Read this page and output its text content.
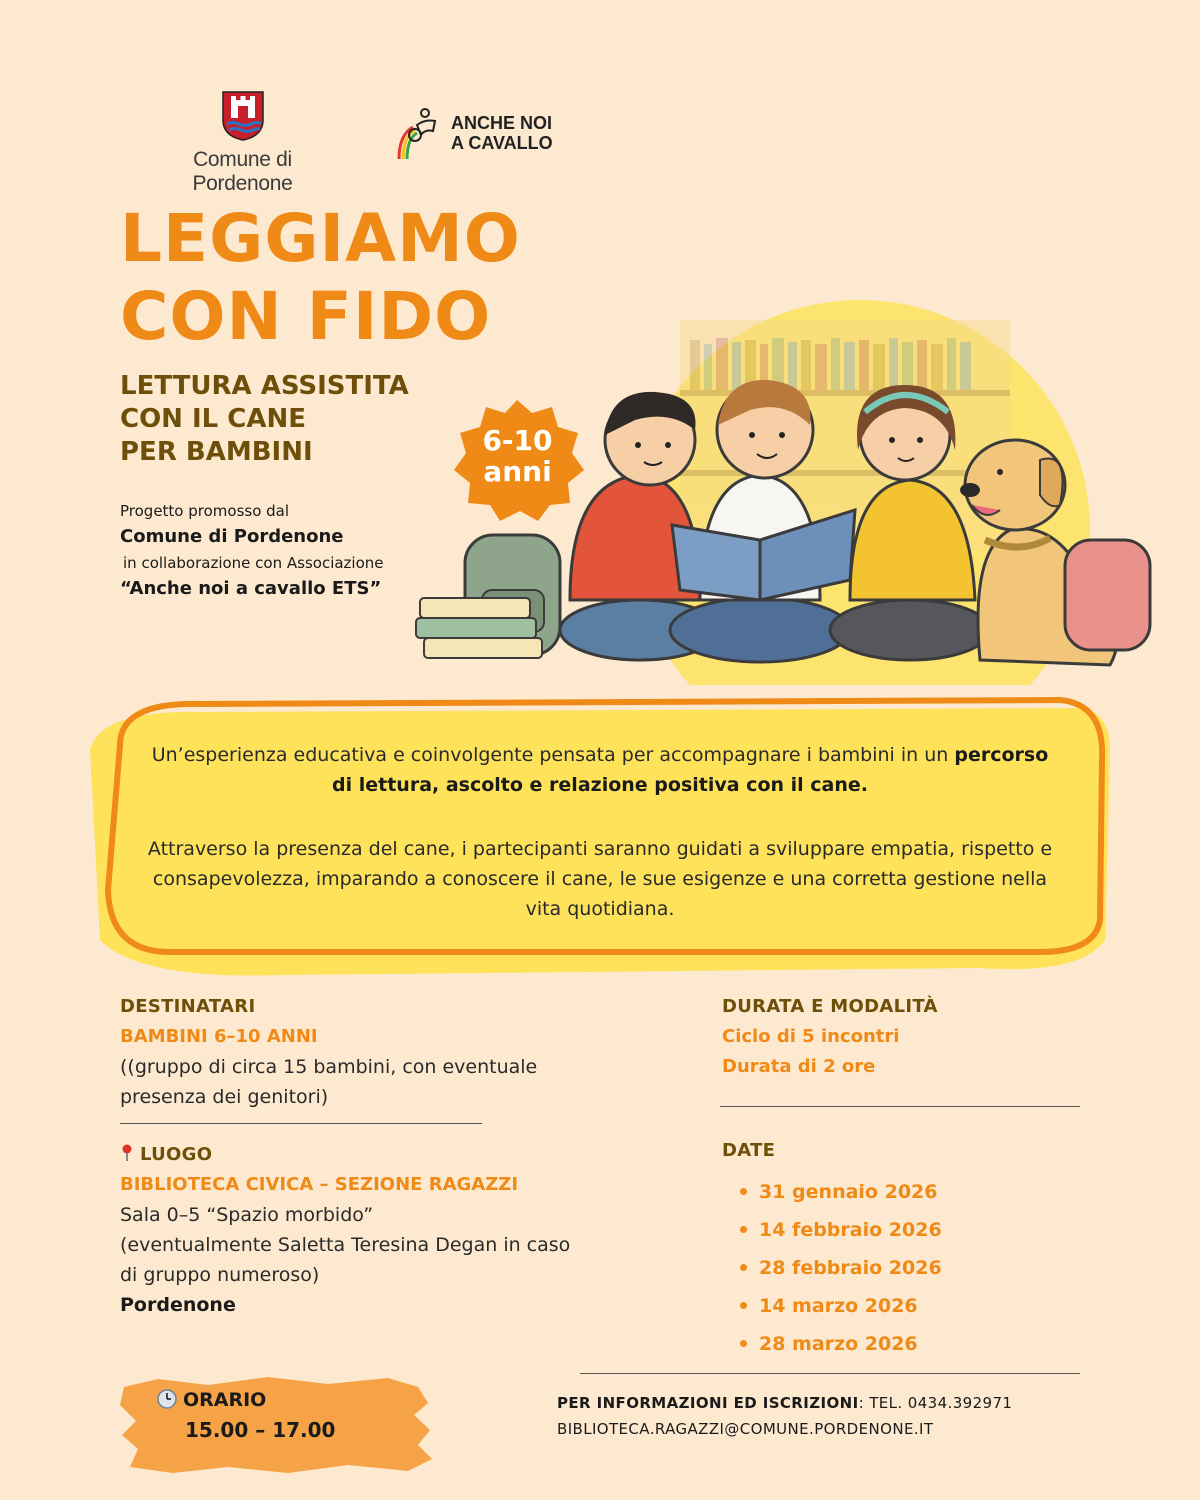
Comune di Pordenone
ANCHE NOI
A CAVALLO
LEGGIAMO
CON FIDO
LETTURA ASSISTITA
CON IL CANE
PER BAMBINI
Progetto promosso dal
Comune di Pordenone
in collaborazione con Associazione
“Anche noi a cavallo ETS”
6-10
anni

Un’esperienza educativa e coinvolgente pensata per accompagnare i bambini in un percorso di lettura, ascolto e relazione positiva con il cane.

Attraverso la presenza del cane, i partecipanti saranno guidati a sviluppare empatia, rispetto e consapevolezza, imparando a conoscere il cane, le sue esigenze e una corretta gestione nella vita quotidiana.

DESTINATARI
BAMBINI 6–10 ANNI
((gruppo di circa 15 bambini, con eventuale presenza dei genitori)
LUOGO
BIBLIOTECA CIVICA – SEZIONE RAGAZZI
Sala 0–5 “Spazio morbido”
(eventualmente Saletta Teresina Degan in caso di gruppo numeroso)
Pordenone
DURATA E MODALITÀ
Ciclo di 5 incontri
Durata di 2 ore
DATE
31 gennaio 2026
14 febbraio 2026
28 febbraio 2026
14 marzo 2026
28 marzo 2026
ORARIO
15.00 – 17.00
PER INFORMAZIONI ED ISCRIZIONI: TEL. 0434.392971
BIBLIOTECA.RAGAZZI@COMUNE.PORDENONE.IT
